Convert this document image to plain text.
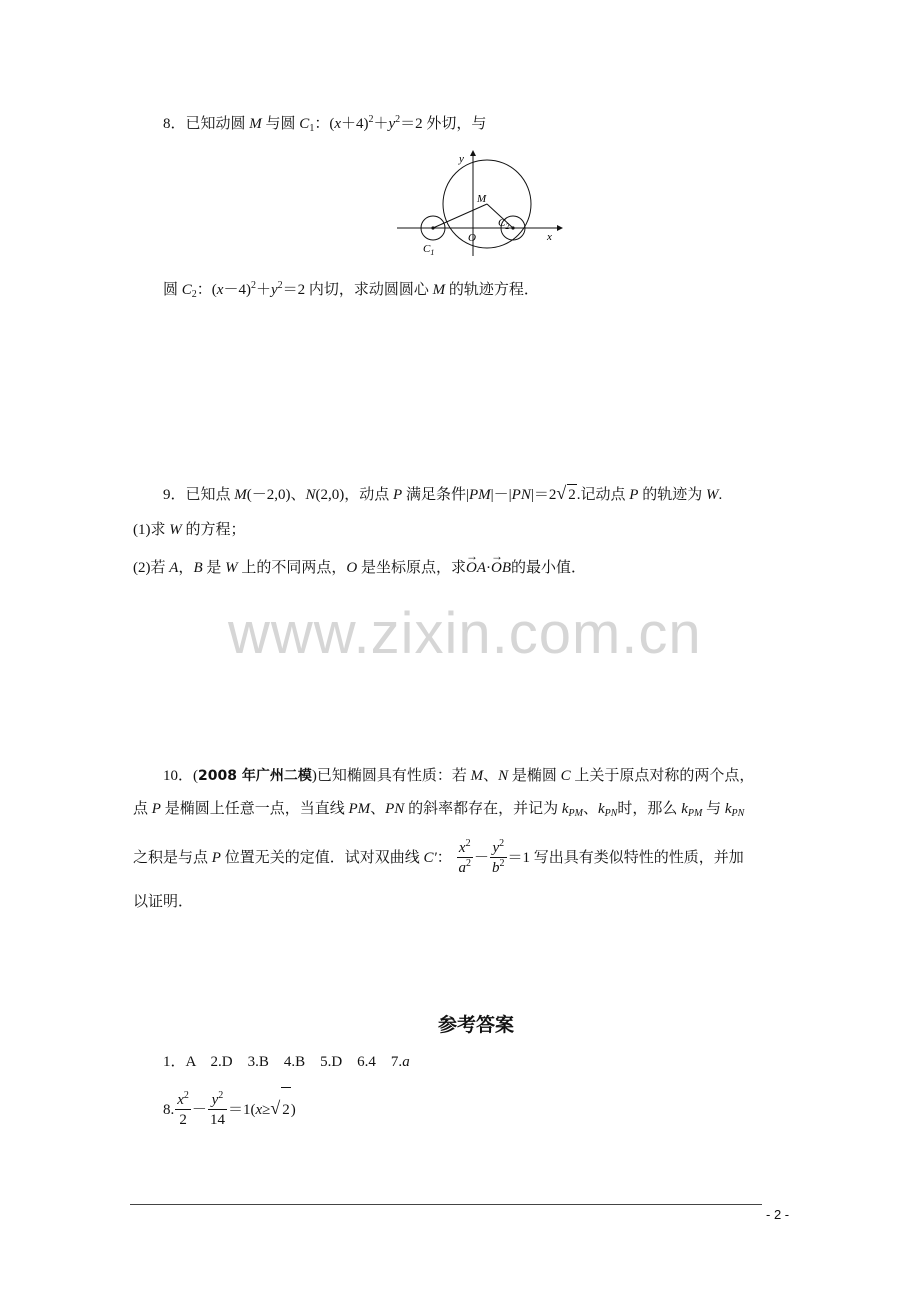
8．已知动圆 M 与圆 $C_1$：$(x+4)^2+y^2=2$ 外切，与
y
x
M
O
$C_1$
$C_2$
圆 $C_2$：$(x-4)^2+y^2=2$ 内切，求动圆圆心 M 的轨迹方程．
9．已知点 M(－2,0)、N(2,0)，动点 P 满足条件|PM|－|PN|＝2√ 2.记动点 P 的轨迹为 W.
(1)求 W 的方程；
(2)若 A，B 是 W 上的不同两点，O 是坐标原点，求→ OA·→ OB的最小值．
www.zixin.com.cn
10．(2008 年广州二模)已知椭圆具有性质：若 M、N 是椭圆 C 上关于原点对称的两个点，
点 P 是椭圆上任意一点，当直线 PM、PN 的斜率都存在，并记为 $k_{PM}$、$k_{PN}$时，那么 $k_{PM}$ 与 $k_{PN}$
之积是与点 P 位置无关的定值．试对双曲线 C′： $\frac{x^2}{a^2} - \frac{y^2}{b^2} =1$ 写出具有类似特性的性质，并加
以证明．
参考答案
1．A　2.D　3.B　4.B　5.D　6.4　7.a
8. $\frac{x^2}{2} - \frac{y^2}{14} =1(x\ge√$ 2)
- 2 -
